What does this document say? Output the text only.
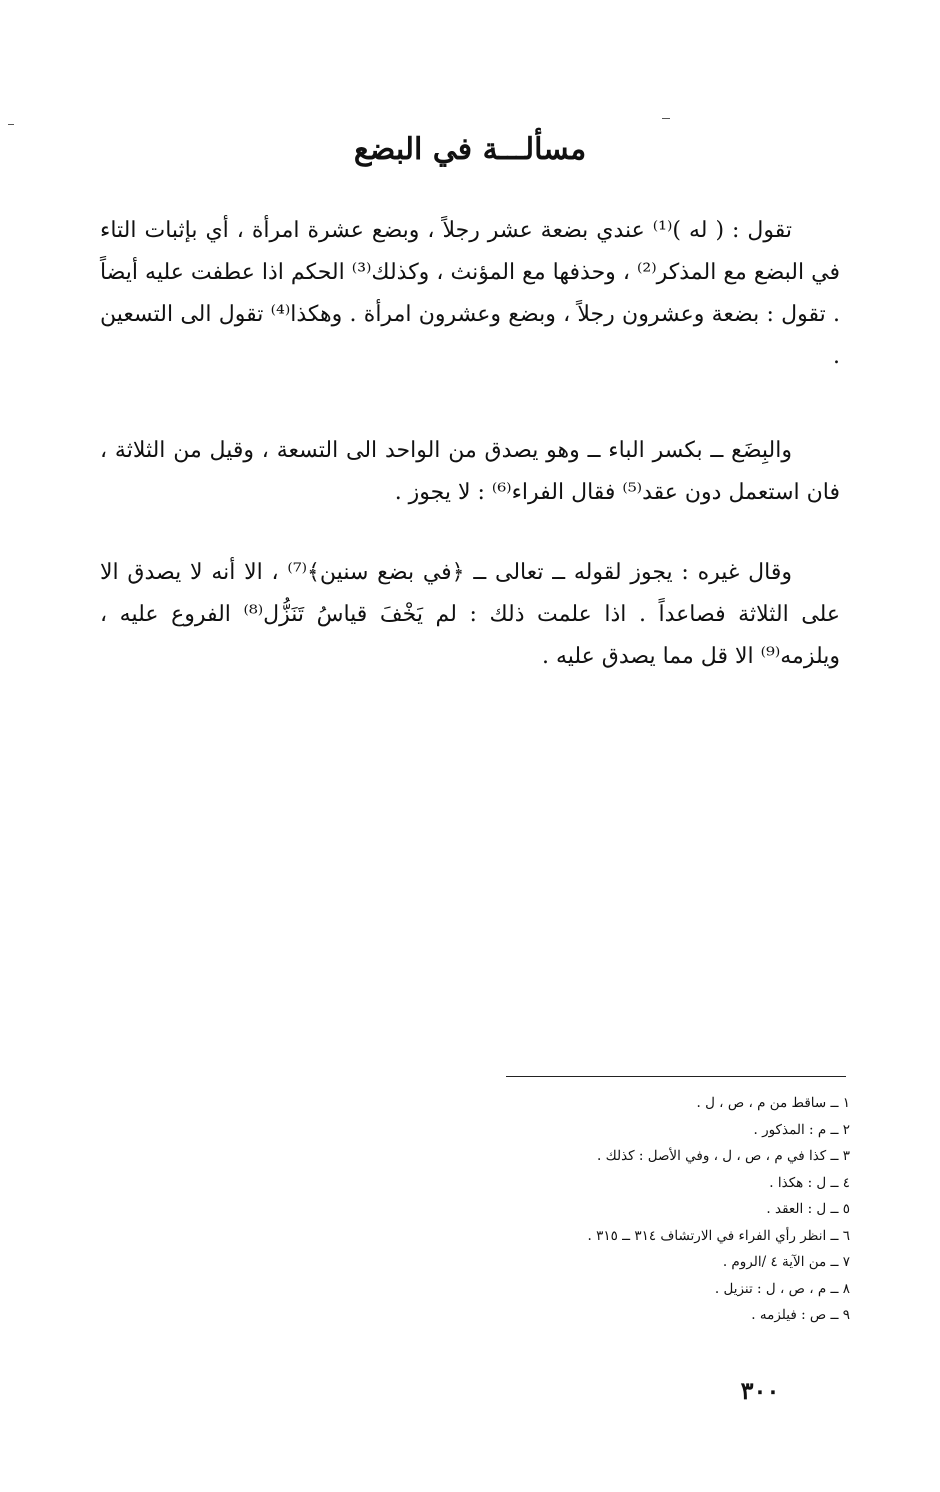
مسألـــة في البضع

تقول : ( له )⁽¹⁾ عندي بضعة عشر رجلاً ، وبضع عشرة امرأة ، أي بإثبات التاء في البضع مع المذكر⁽²⁾ ، وحذفها مع المؤنث ، وكذلك⁽³⁾ الحكم اذا عطفت عليه أيضاً . تقول : بضعة وعشرون رجلاً ، وبضع وعشرون امرأة . وهكذا⁽⁴⁾ تقول الى التسعين .

والبِضَع ــ بكسر الباء ــ وهو يصدق من الواحد الى التسعة ، وقيل من الثلاثة ، فان استعمل دون عقد⁽⁵⁾ فقال الفراء⁽⁶⁾ : لا يجوز .

وقال غيره : يجوز لقوله ــ تعالى ــ ﴿في بضع سنين﴾⁽⁷⁾ ، الا أنه لا يصدق الا على الثلاثة فصاعداً . اذا علمت ذلك : لم يَخْفَ قياسُ تَنَزُّل⁽⁸⁾ الفروع عليه ، ويلزمه⁽⁹⁾ الا قل مما يصدق عليه .

١ ــ ساقط من م ، ص ، ل .
٢ ــ م : المذكور .
٣ ــ كذا في م ، ص ، ل ، وفي الأصل : كذلك .
٤ ــ ل : هكذا .
٥ ــ ل : العقد .
٦ ــ انظر رأي الفراء في الارتشاف ٣١٤ ــ ٣١٥ .
٧ ــ من الآية ٤ /الروم .
٨ ــ م ، ص ، ل : تنزيل .
٩ ــ ص : فيلزمه .
٣٠٠
